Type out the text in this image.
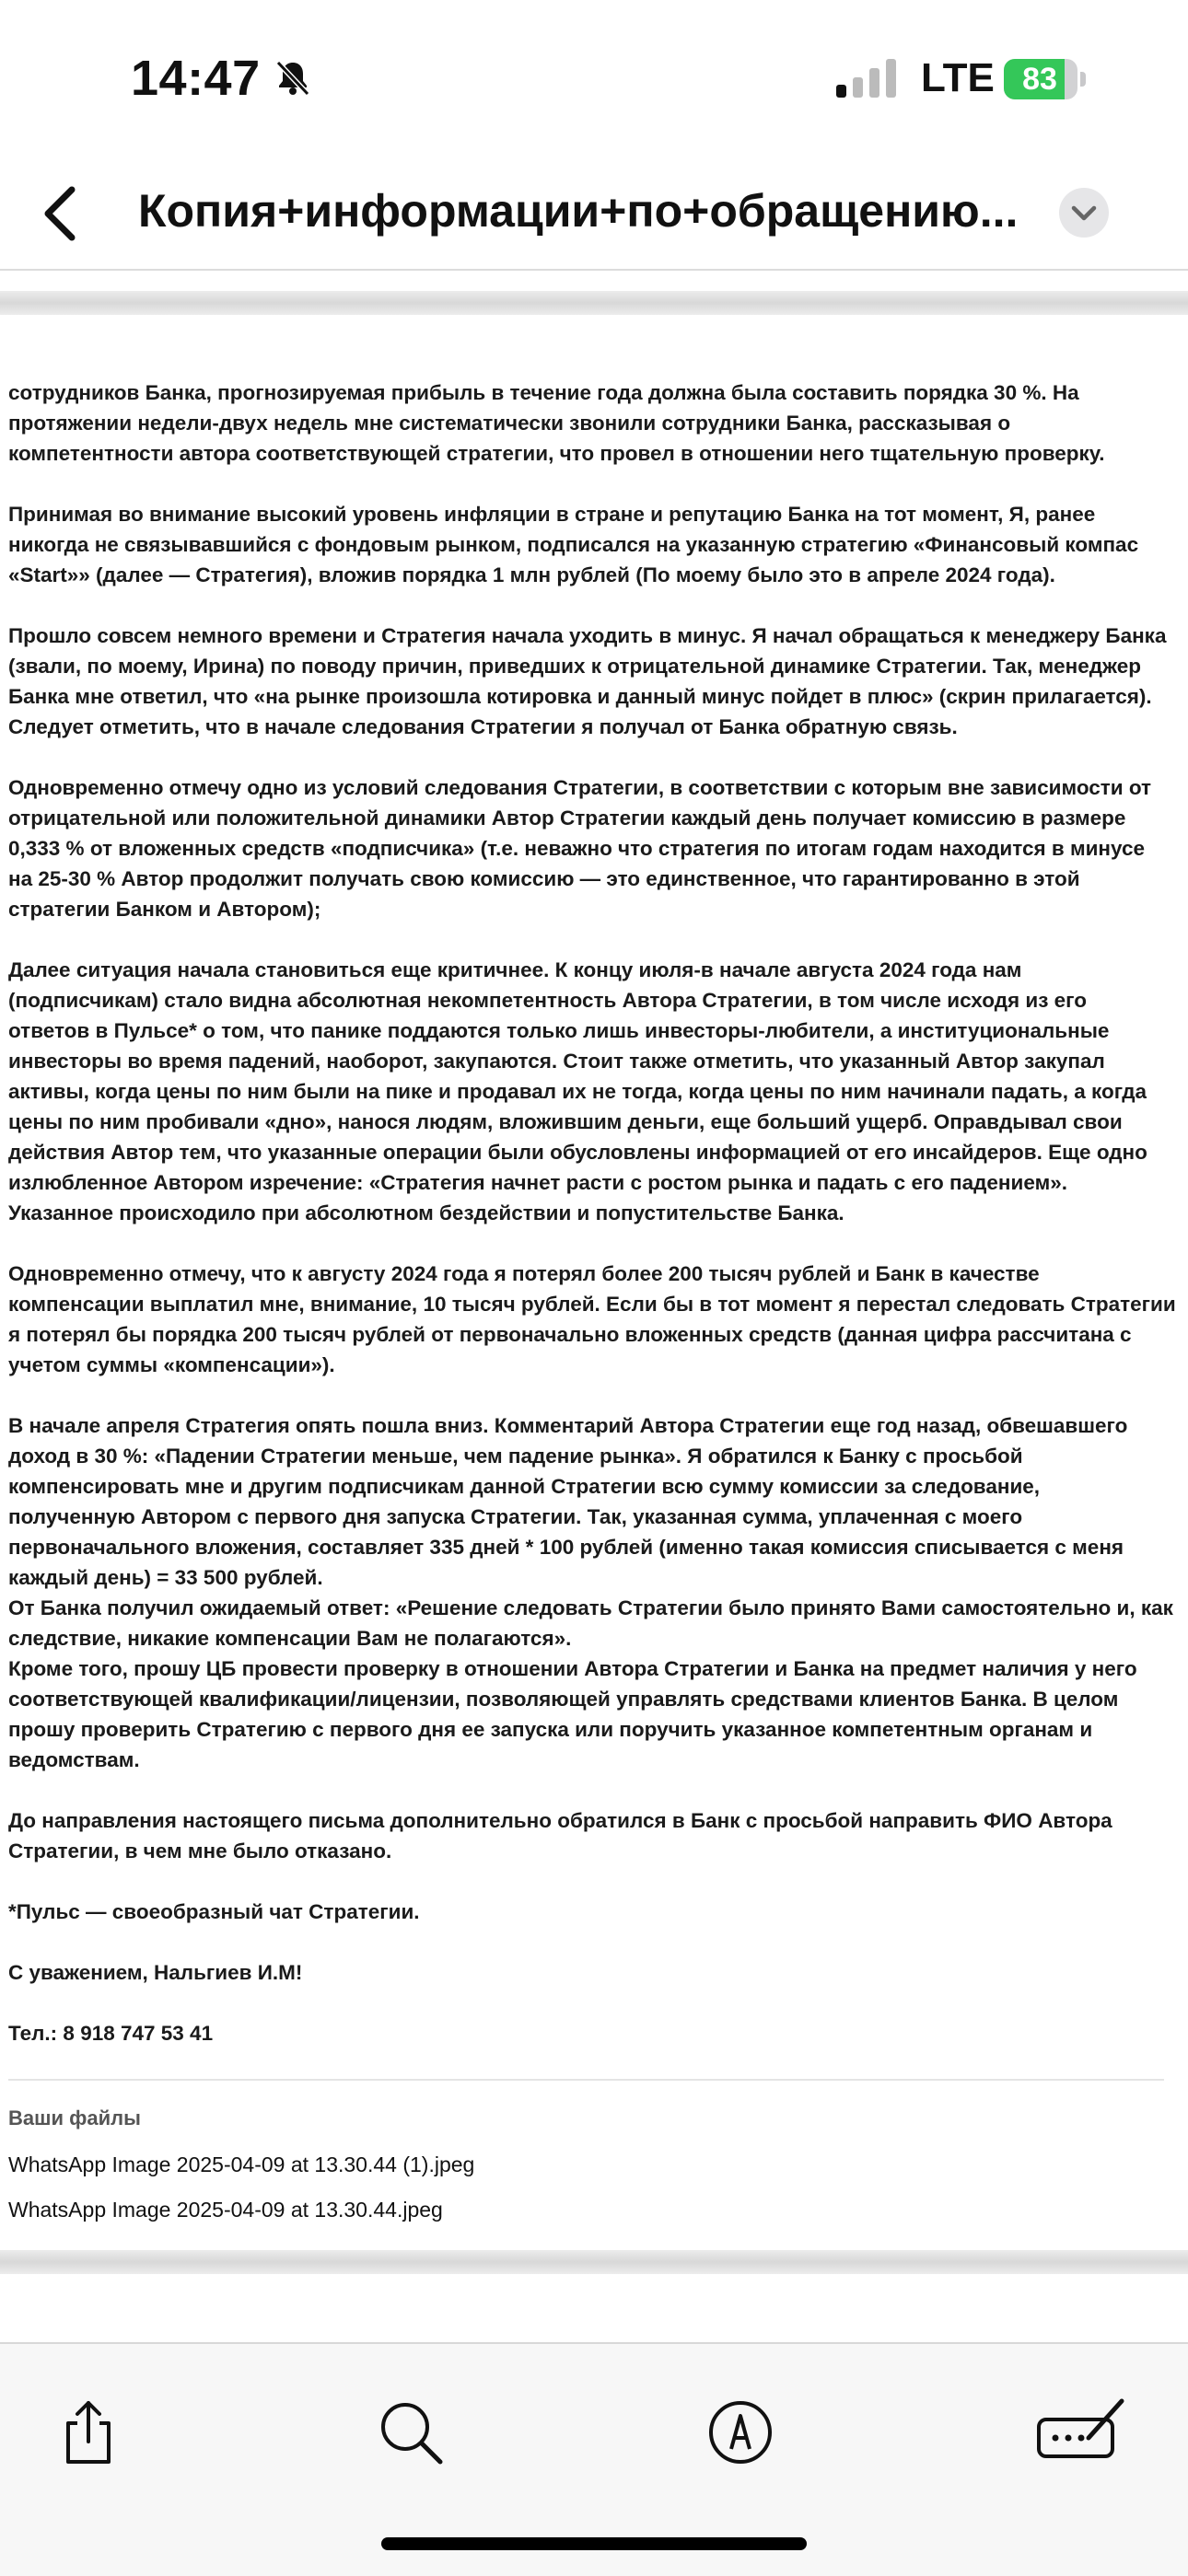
14:47	LTE 83
Копия+информации+по+обращению...

сотрудников Банка, прогнозируемая прибыль в течение года должна была составить порядка 30 %. На
протяжении недели-двух недель мне систематически звонили сотрудники Банка, рассказывая о
компетентности автора соответствующей стратегии, что провел в отношении него тщательную проверку.

Принимая во внимание высокий уровень инфляции в стране и репутацию Банка на тот момент, Я, ранее
никогда не связывавшийся с фондовым рынком, подписался на указанную стратегию «Финансовый компас
«Start»» (далее — Стратегия), вложив порядка 1 млн рублей (По моему было это в апреле 2024 года).

Прошло совсем немного времени и Стратегия начала уходить в минус. Я начал обращаться к менеджеру Банка
(звали, по моему, Ирина) по поводу причин, приведших к отрицательной динамике Стратегии. Так, менеджер
Банка мне ответил, что «на рынке произошла котировка и данный минус пойдет в плюс» (скрин прилагается).
Следует отметить, что в начале следования Стратегии я получал от Банка обратную связь.

Одновременно отмечу одно из условий следования Стратегии, в соответствии с которым вне зависимости от
отрицательной или положительной динамики Автор Стратегии каждый день получает комиссию в размере
0,333 % от вложенных средств «подписчика» (т.е. неважно что стратегия по итогам годам находится в минусе
на 25-30 % Автор продолжит получать свою комиссию — это единственное, что гарантированно в этой
стратегии Банком и Автором);

Далее ситуация начала становиться еще критичнее. К концу июля-в начале августа 2024 года нам
(подписчикам) стало видна абсолютная некомпетентность Автора Стратегии, в том числе исходя из его
ответов в Пульсе* о том, что панике поддаются только лишь инвесторы-любители, а институциональные
инвесторы во время падений, наоборот, закупаются. Стоит также отметить, что указанный Автор закупал
активы, когда цены по ним были на пике и продавал их не тогда, когда цены по ним начинали падать, а когда
цены по ним пробивали «дно», нанося людям, вложившим деньги, еще больший ущерб. Оправдывал свои
действия Автор тем, что указанные операции были обусловлены информацией от его инсайдеров. Еще одно
излюбленное Автором изречение: «Стратегия начнет расти с ростом рынка и падать с его падением».
Указанное происходило при абсолютном бездействии и попустительстве Банка.

Одновременно отмечу, что к августу 2024 года я потерял более 200 тысяч рублей и Банк в качестве
компенсации выплатил мне, внимание, 10 тысяч рублей. Если бы в тот момент я перестал следовать Стратегии
я потерял бы порядка 200 тысяч рублей от первоначально вложенных средств (данная цифра рассчитана с
учетом суммы «компенсации»).

В начале апреля Стратегия опять пошла вниз. Комментарий Автора Стратегии еще год назад, обвешавшего
доход в 30 %: «Падении Стратегии меньше, чем падение рынка». Я обратился к Банку с просьбой
компенсировать мне и другим подписчикам данной Стратегии всю сумму комиссии за следование,
полученную Автором с первого дня запуска Стратегии. Так, указанная сумма, уплаченная с моего
первоначального вложения, составляет 335 дней * 100 рублей (именно такая комиссия списывается с меня
каждый день) = 33 500 рублей.
От Банка получил ожидаемый ответ: «Решение следовать Стратегии было принято Вами самостоятельно и, как
следствие, никакие компенсации Вам не полагаются».
Кроме того, прошу ЦБ провести проверку в отношении Автора Стратегии и Банка на предмет наличия у него
соответствующей квалификации/лицензии, позволяющей управлять средствами клиентов Банка. В целом
прошу проверить Стратегию с первого дня ее запуска или поручить указанное компетентным органам и
ведомствам.

До направления настоящего письма дополнительно обратился в Банк с просьбой направить ФИО Автора
Стратегии, в чем мне было отказано.

*Пульс — своеобразный чат Стратегии.

С уважением, Нальгиев И.М!

Тел.: 8 918 747 53 41

Ваши файлы
WhatsApp Image 2025-04-09 at 13.30.44 (1).jpeg
WhatsApp Image 2025-04-09 at 13.30.44.jpeg
